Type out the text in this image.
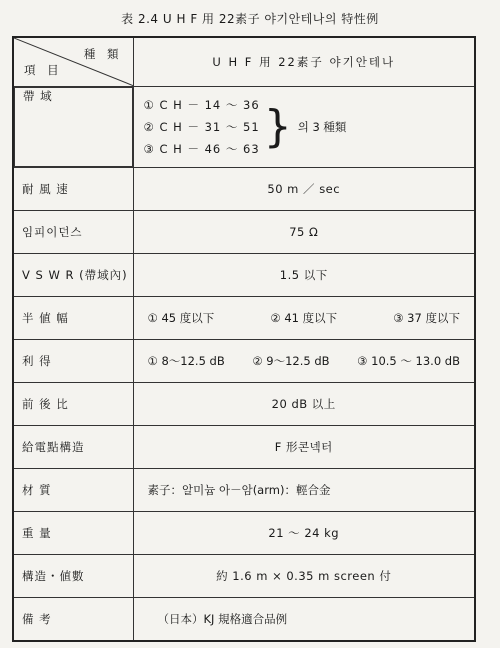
表 2.4 U H F 用 22素子 야기안테나의 特性例
種 類
項 目	U H F 用 22素子 야기안테나

帶 域
① C H － 14 ～ 36
② C H － 31 ～ 51
③ C H － 46 ～ 63 } 의 3 種類

耐 風 速	50 m ／ sec
임피이던스	75 Ω
V S W R (帶域內)	1.5 以下
半 値 幅	① 45 度以下 ② 41 度以下 ③ 37 度以下

利 得	① 8～12.5 dB ② 9～12.5 dB ③ 10.5 ～ 13.0 dB

前 後 比	20 dB 以上
給電點構造	F 形콘넥터
材 質	素子：알미늄 아－암(arm)：輕合金
重 量	21 ～ 24 kg
構造・値數	約 1.6 m × 0.35 m screen 付
備 考	（日本）KJ 規格適合品例
